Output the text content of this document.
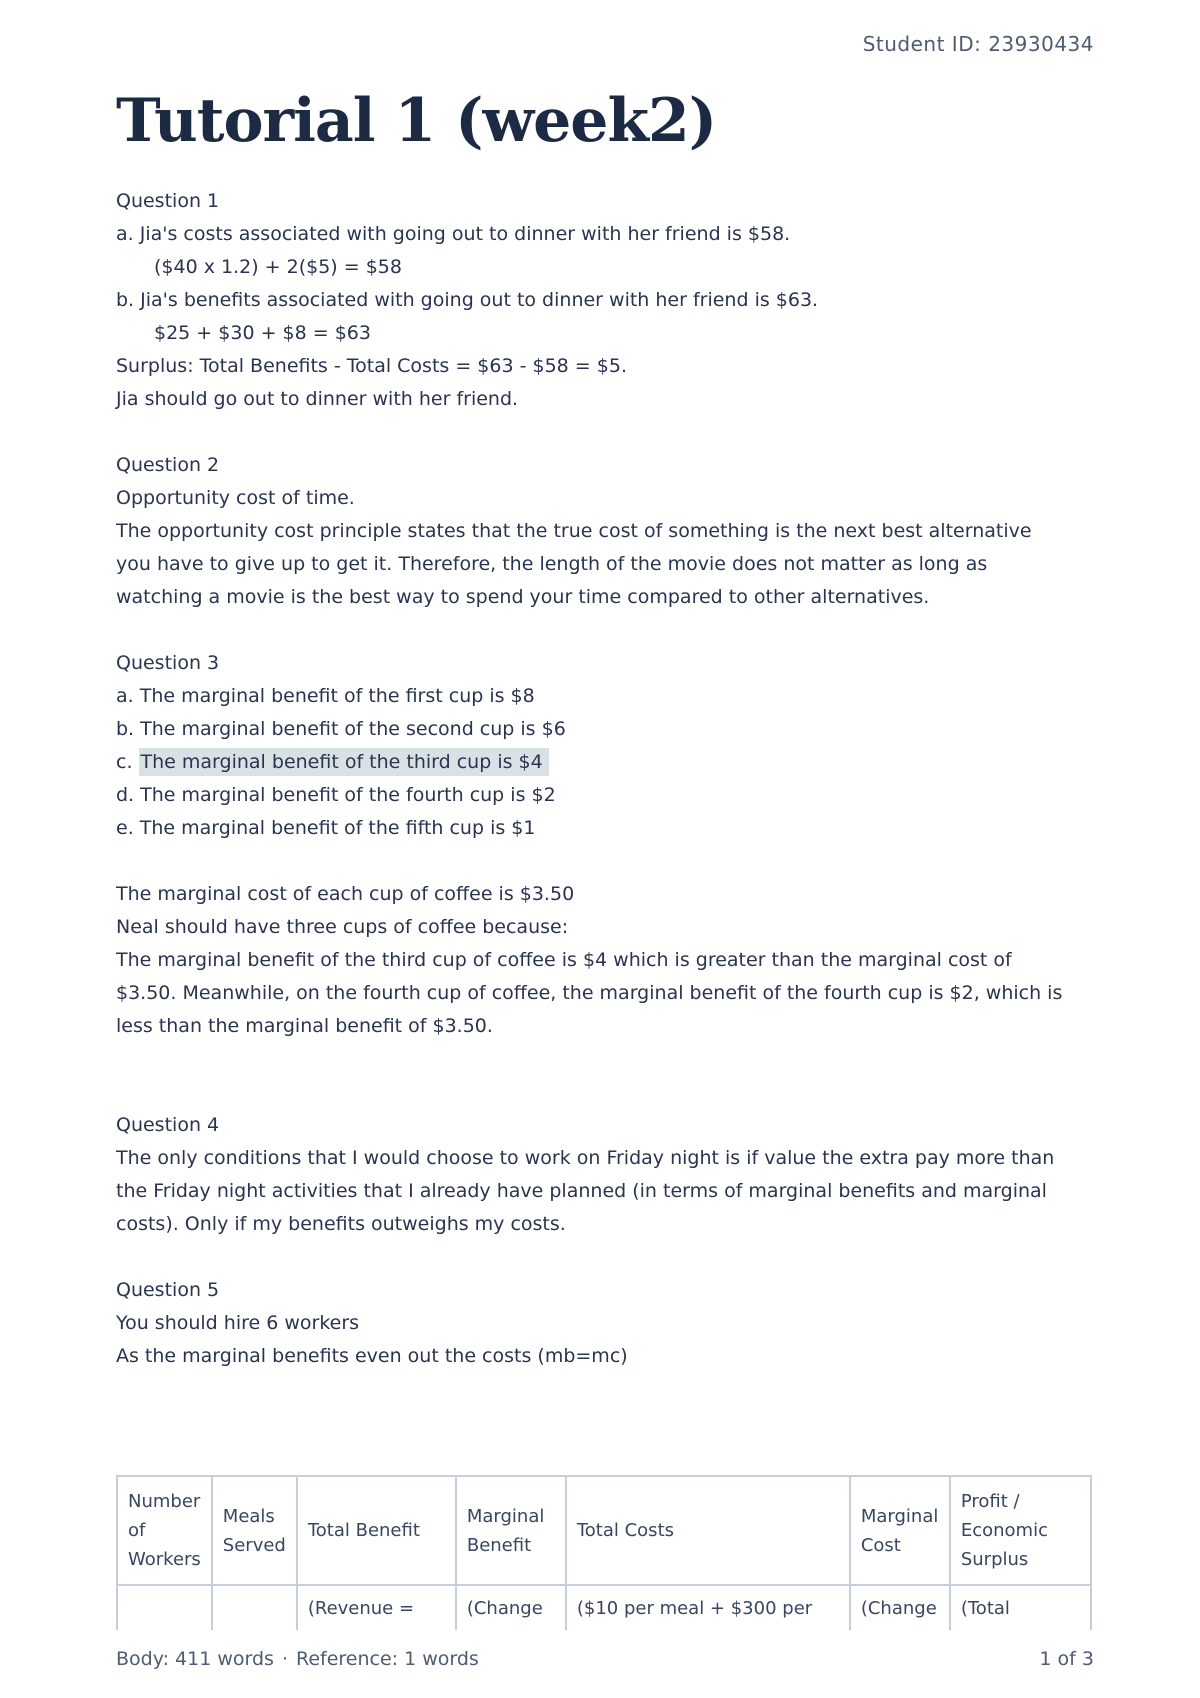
Student ID: 23930434
Tutorial 1 (week2)
Question 1
a. Jia's costs associated with going out to dinner with her friend is $58.
($40 x 1.2) + 2($5) = $58
b. Jia's benefits associated with going out to dinner with her friend is $63.
$25 + $30 + $8 = $63
Surplus: Total Benefits - Total Costs = $63 - $58 = $5.
Jia should go out to dinner with her friend.
Question 2
Opportunity cost of time.
The opportunity cost principle states that the true cost of something is the next best alternative
you have to give up to get it. Therefore, the length of the movie does not matter as long as
watching a movie is the best way to spend your time compared to other alternatives.
Question 3
a. The marginal benefit of the first cup is $8
b. The marginal benefit of the second cup is $6
c. The marginal benefit of the third cup is $4
d. The marginal benefit of the fourth cup is $2
e. The marginal benefit of the fifth cup is $1
The marginal cost of each cup of coffee is $3.50
Neal should have three cups of coffee because:
The marginal benefit of the third cup of coffee is $4 which is greater than the marginal cost of
$3.50. Meanwhile, on the fourth cup of coffee, the marginal benefit of the fourth cup is $2, which is
less than the marginal benefit of $3.50.
Question 4
The only conditions that I would choose to work on Friday night is if value the extra pay more than
the Friday night activities that I already have planned (in terms of marginal benefits and marginal
costs). Only if my benefits outweighs my costs.
Question 5
You should hire 6 workers
As the marginal benefits even out the costs (mb=mc)
Number of Workers	Meals Served	Total Benefit	Marginal Benefit	Total Costs	Marginal Cost	Profit / Economic Surplus
		(Revenue =	(Change	($10 per meal + $300 per	(Change	(Total
Body: 411 words · Reference: 1 words	1 of 3
